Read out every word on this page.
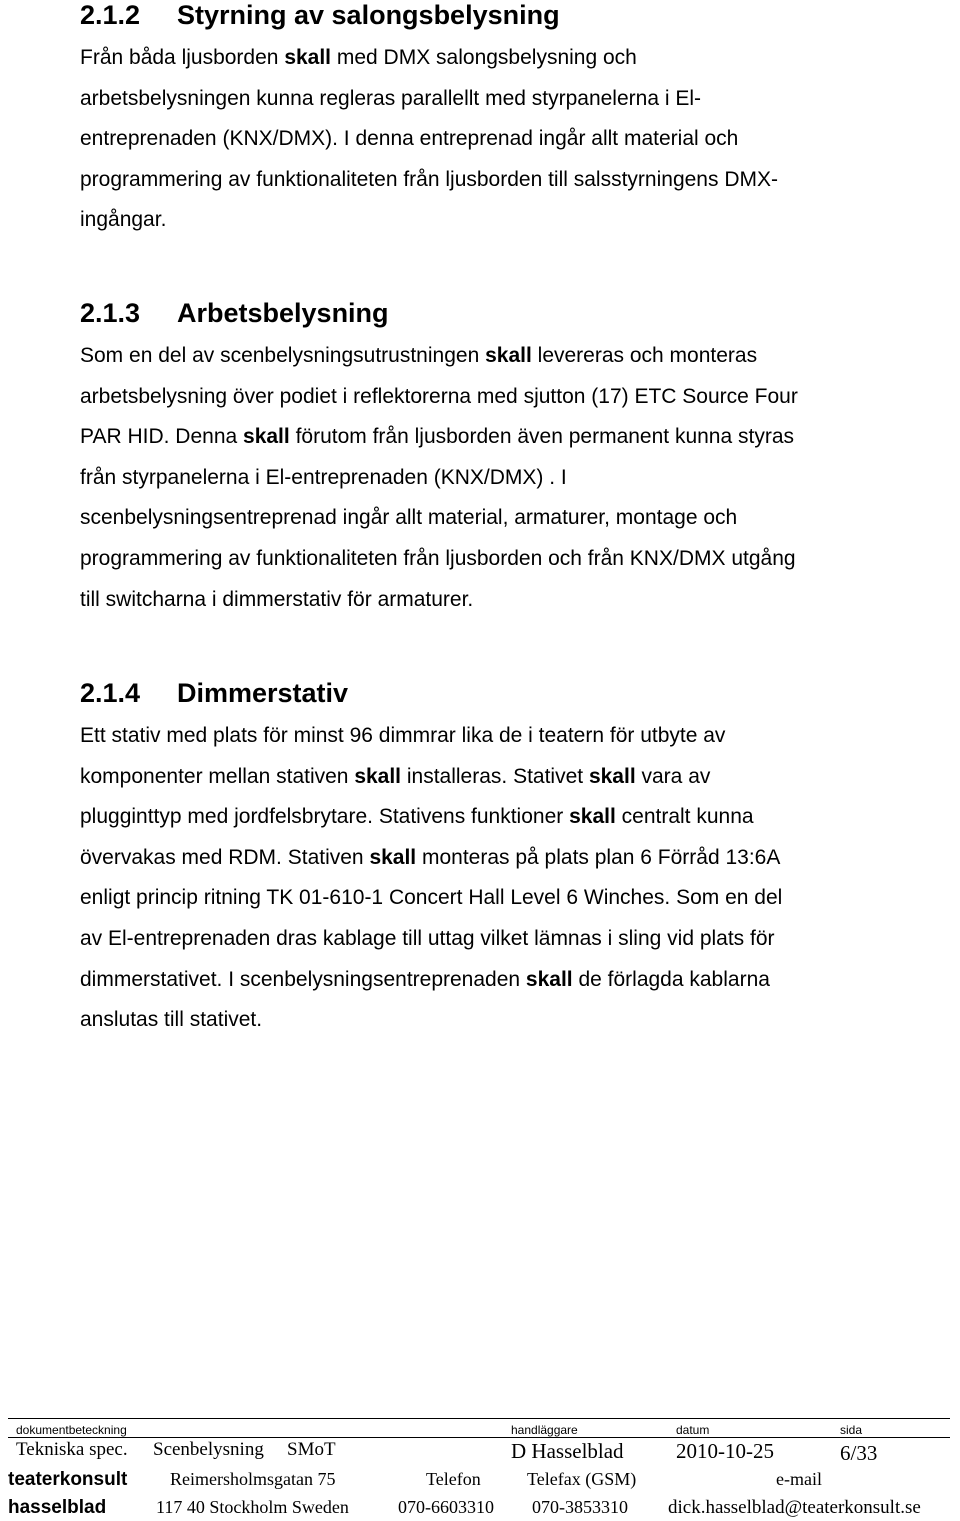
2.1.2 Styrning av salongsbelysning
Från båda ljusborden skall med DMX salongsbelysning och
arbetsbelysningen kunna regleras parallellt med styrpanelerna i El-
entreprenaden (KNX/DMX). I denna entreprenad ingår allt material och
programmering av funktionaliteten från ljusborden till salsstyrningens DMX-
ingångar.
2.1.3 Arbetsbelysning
Som en del av scenbelysningsutrustningen skall levereras och monteras
arbetsbelysning över podiet i reflektorerna med sjutton (17) ETC Source Four
PAR HID. Denna skall förutom från ljusborden även permanent kunna styras
från styrpanelerna i El-entreprenaden (KNX/DMX) . I
scenbelysningsentreprenad ingår allt material, armaturer, montage och
programmering av funktionaliteten från ljusborden och från KNX/DMX utgång
till switcharna i dimmerstativ för armaturer.
2.1.4 Dimmerstativ
Ett stativ med plats för minst 96 dimmrar lika de i teatern för utbyte av
komponenter mellan stativen skall installeras. Stativet skall vara av
plugginttyp med jordfelsbrytare. Stativens funktioner skall centralt kunna
övervakas med RDM. Stativen skall monteras på plats plan 6 Förråd 13:6A
enligt princip ritning TK 01-610-1 Concert Hall Level 6 Winches. Som en del
av El-entreprenaden dras kablage till uttag vilket lämnas i sling vid plats för
dimmerstativet. I scenbelysningsentreprenaden skall de förlagda kablarna
anslutas till stativet.
dokumentbeteckning	handläggare	datum	sida
Tekniska spec. Scenbelysning SMoT	D Hasselblad 2010-10-25	6/33
teaterkonsult Reimersholmsgatan 75	Telefon	Telefax (GSM)	e-mail
hasselblad	117 40 Stockholm Sweden	070-6603310 070-3853310 dick.hasselblad@teaterkonsult.se
